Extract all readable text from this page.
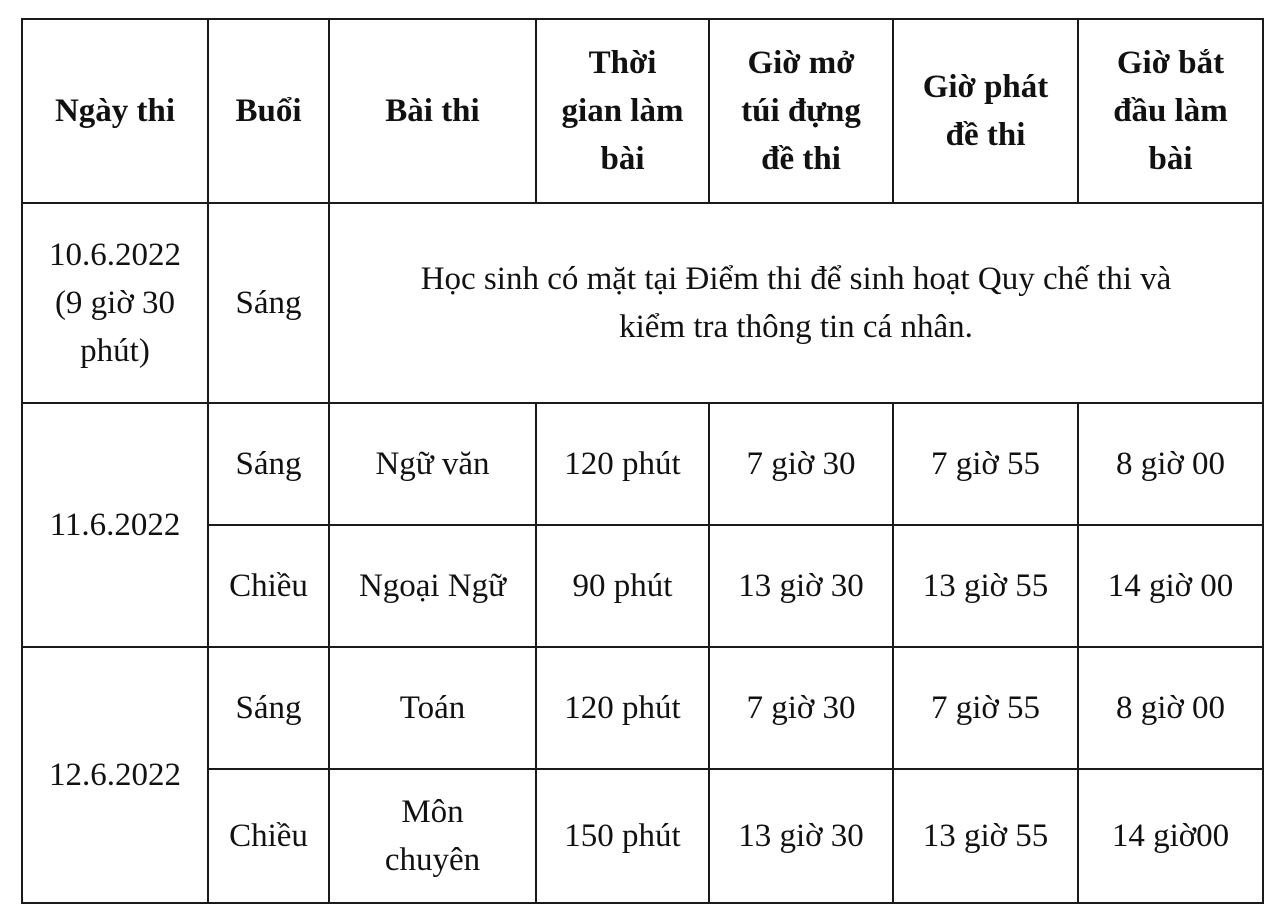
Ngày thi	Buổi	Bài thi	Thời
gian làm
bài	Giờ mở
túi đựng
đề thi	Giờ phát
đề thi	Giờ bắt
đầu làm
bài

10.6.2022
(9 giờ 30
phút)	Sáng	Học sinh có mặt tại Điểm thi để sinh hoạt Quy chế thi và
kiểm tra thông tin cá nhân.				

11.6.2022	Sáng	Ngữ văn	120 phút	7 giờ 30	7 giờ 55	8 giờ 00
	Chiều	Ngoại Ngữ	90 phút	13 giờ 30	13 giờ 55	14 giờ 00
12.6.2022	Sáng	Toán	120 phút	7 giờ 30	7 giờ 55	8 giờ 00
	Chiều	Môn
chuyên	150 phút	13 giờ 30	13 giờ 55	14 giờ00
